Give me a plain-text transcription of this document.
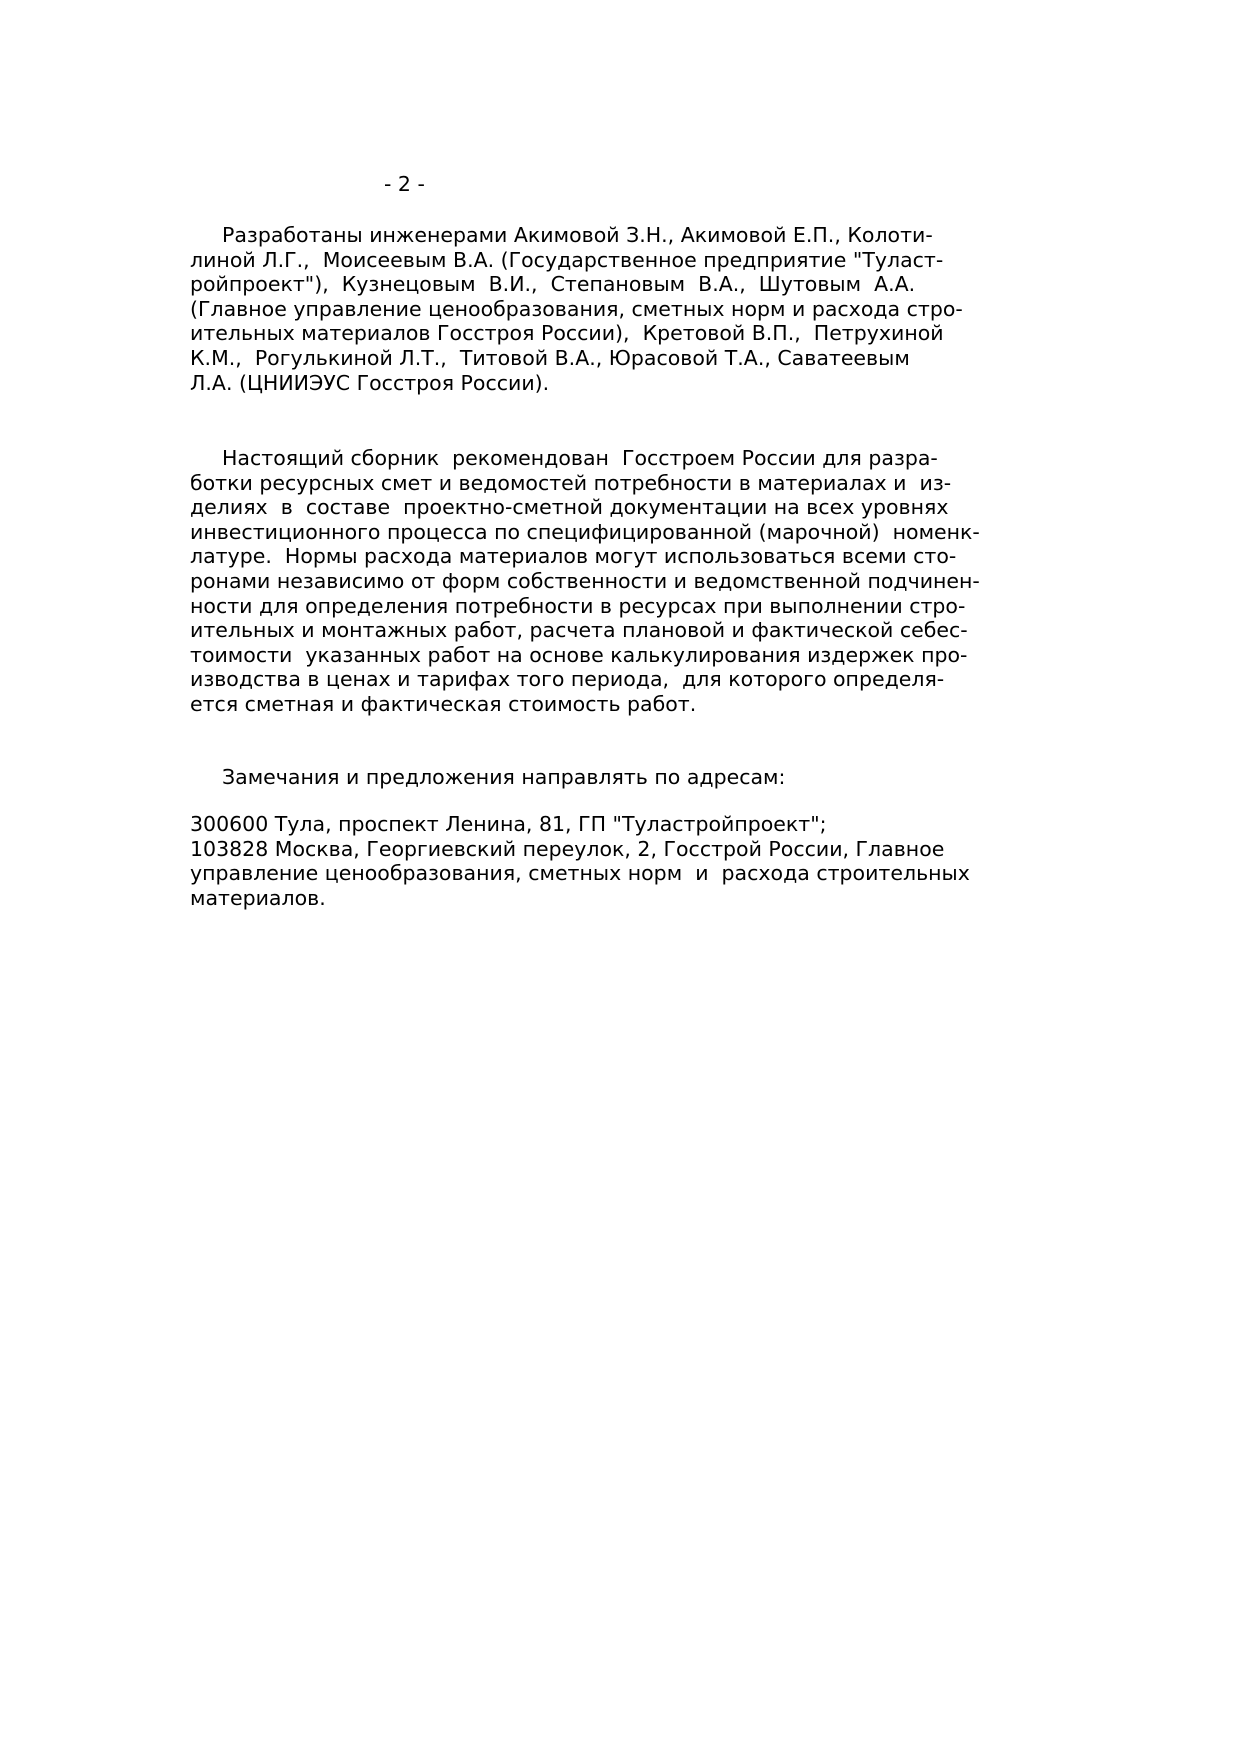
- 2 -
Разработаны инженерами Акимовой З.Н., Акимовой Е.П., Колоти-
линой Л.Г.,  Моисеевым В.А. (Государственное предприятие "Туласт-
ройпроект"),  Кузнецовым  В.И.,  Степановым  В.А.,  Шутовым  А.А.
(Главное управление ценообразования, сметных норм и расхода стро-
ительных материалов Госстроя России),  Кретовой В.П.,  Петрухиной
К.М.,  Рогулькиной Л.Т.,  Титовой В.А., Юрасовой Т.А., Саватеевым
Л.А. (ЦНИИЭУС Госстроя России).
Настоящий сборник  рекомендован  Госстроем России для разра-
ботки ресурсных смет и ведомостей потребности в материалах и  из-
делиях  в  составе  проектно-сметной документации на всех уровнях
инвестиционного процесса по специфицированной (марочной)  номенк-
латуре.  Нормы расхода материалов могут использоваться всеми сто-
ронами независимо от форм собственности и ведомственной подчинен-
ности для определения потребности в ресурсах при выполнении стро-
ительных и монтажных работ, расчета плановой и фактической себес-
тоимости  указанных работ на основе калькулирования издержек про-
изводства в ценах и тарифах того периода,  для которого определя-
ется сметная и фактическая стоимость работ.
Замечания и предложения направлять по адресам:
300600 Тула, проспект Ленина, 81, ГП "Туластройпроект";
103828 Москва, Георгиевский переулок, 2, Госстрой России, Главное
управление ценообразования, сметных норм  и  расхода строительных
материалов.
